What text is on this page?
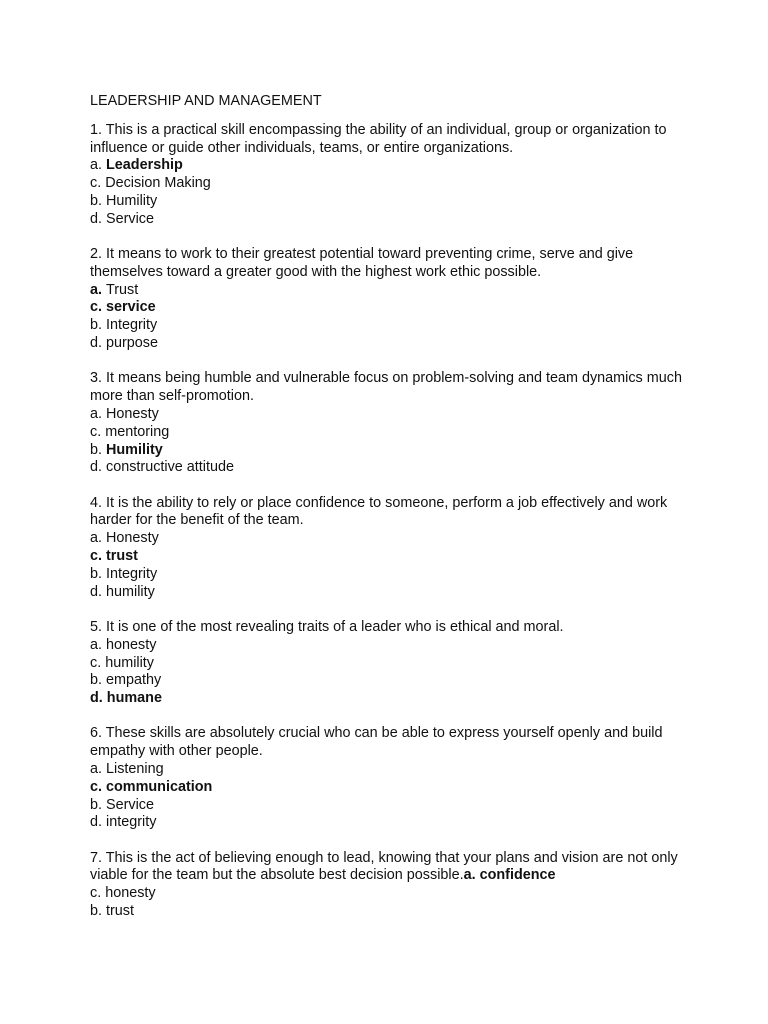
LEADERSHIP AND MANAGEMENT

1. This is a practical skill encompassing the ability of an individual, group or organization to influence or guide other individuals, teams, or entire organizations.

a. Leadership

c. Decision Making

b. Humility

d. Service

2. It means to work to their greatest potential toward preventing crime, serve and give themselves toward a greater good with the highest work ethic possible.

a. Trust

c. service

b. Integrity

d. purpose

3. It means being humble and vulnerable focus on problem-solving and team dynamics much more than self-promotion.

a. Honesty

c. mentoring

b. Humility

d. constructive attitude

4. It is the ability to rely or place confidence to someone, perform a job effectively and work harder for the benefit of the team.

a. Honesty

c. trust

b. Integrity

d. humility

5. It is one of the most revealing traits of a leader who is ethical and moral.

a. honesty

c. humility

b. empathy

d. humane

6. These skills are absolutely crucial who can be able to express yourself openly and build empathy with other people.

a. Listening

c. communication

b. Service

d. integrity

7. This is the act of believing enough to lead, knowing that your plans and vision are not only viable for the team but the absolute best decision possible.a. confidence

c. honesty

b. trust
